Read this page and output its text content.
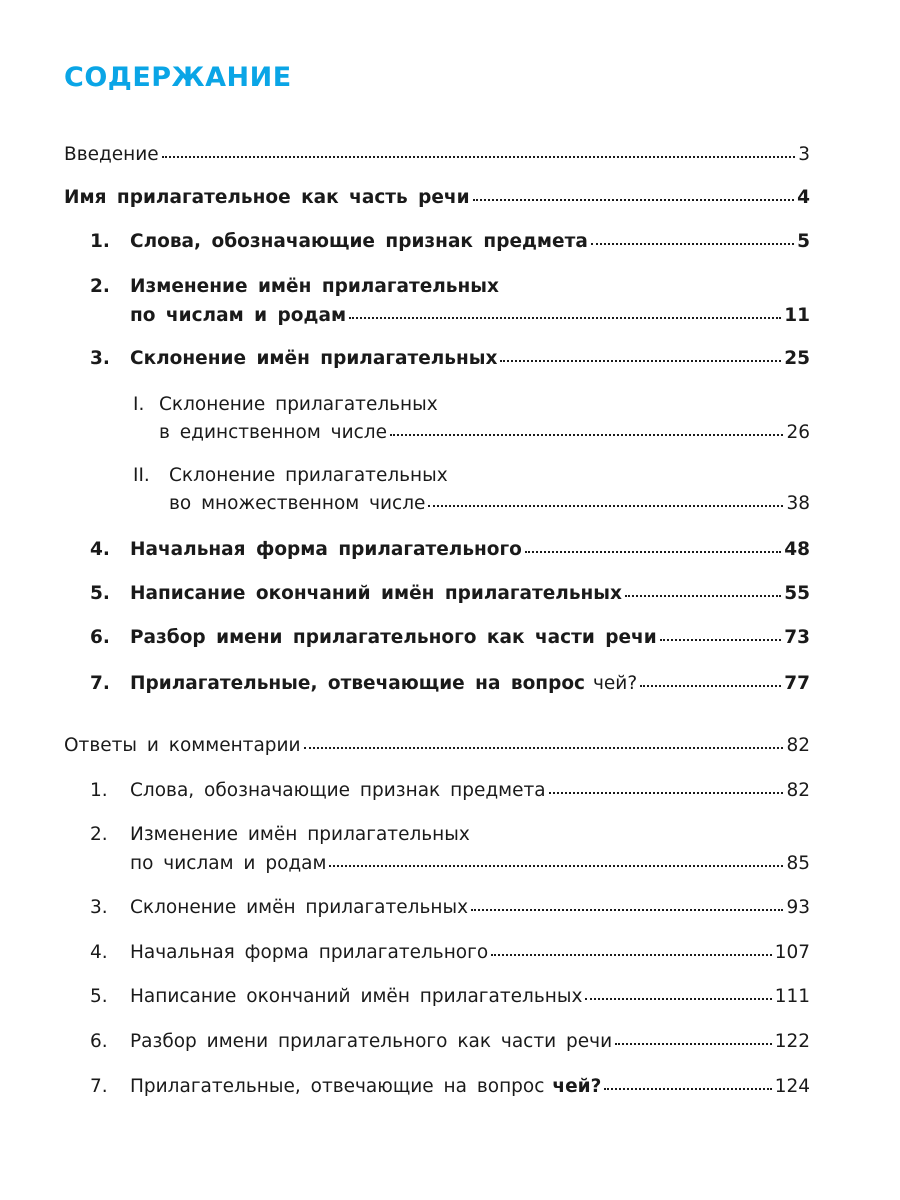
СОДЕРЖАНИЕ
Введение	3
Имя прилагательное как часть речи	4
1.	Слова, обозначающие признак предмета	5
2. Изменение имён прилагательных
по числам и родам	11
3.	Склонение имён прилагательных	25
I. Склонение прилагательных
в единственном числе	26
II. Склонение прилагательных
во множественном числе	38
4.	Начальная форма прилагательного	48
5.	Написание окончаний имён прилагательных	55
6.	Разбор имени прилагательного как части речи	73
7.	Прилагательные, отвечающие на вопрос чей?	77
Ответы и комментарии	82
1.	Слова, обозначающие признак предмета	82
2. Изменение имён прилагательных
по числам и родам	85
3.	Склонение имён прилагательных	93
4.	Начальная форма прилагательного	107
5.	Написание окончаний имён прилагательных	111
6.	Разбор имени прилагательного как части речи	122
7.	Прилагательные, отвечающие на вопрос чей?	124
